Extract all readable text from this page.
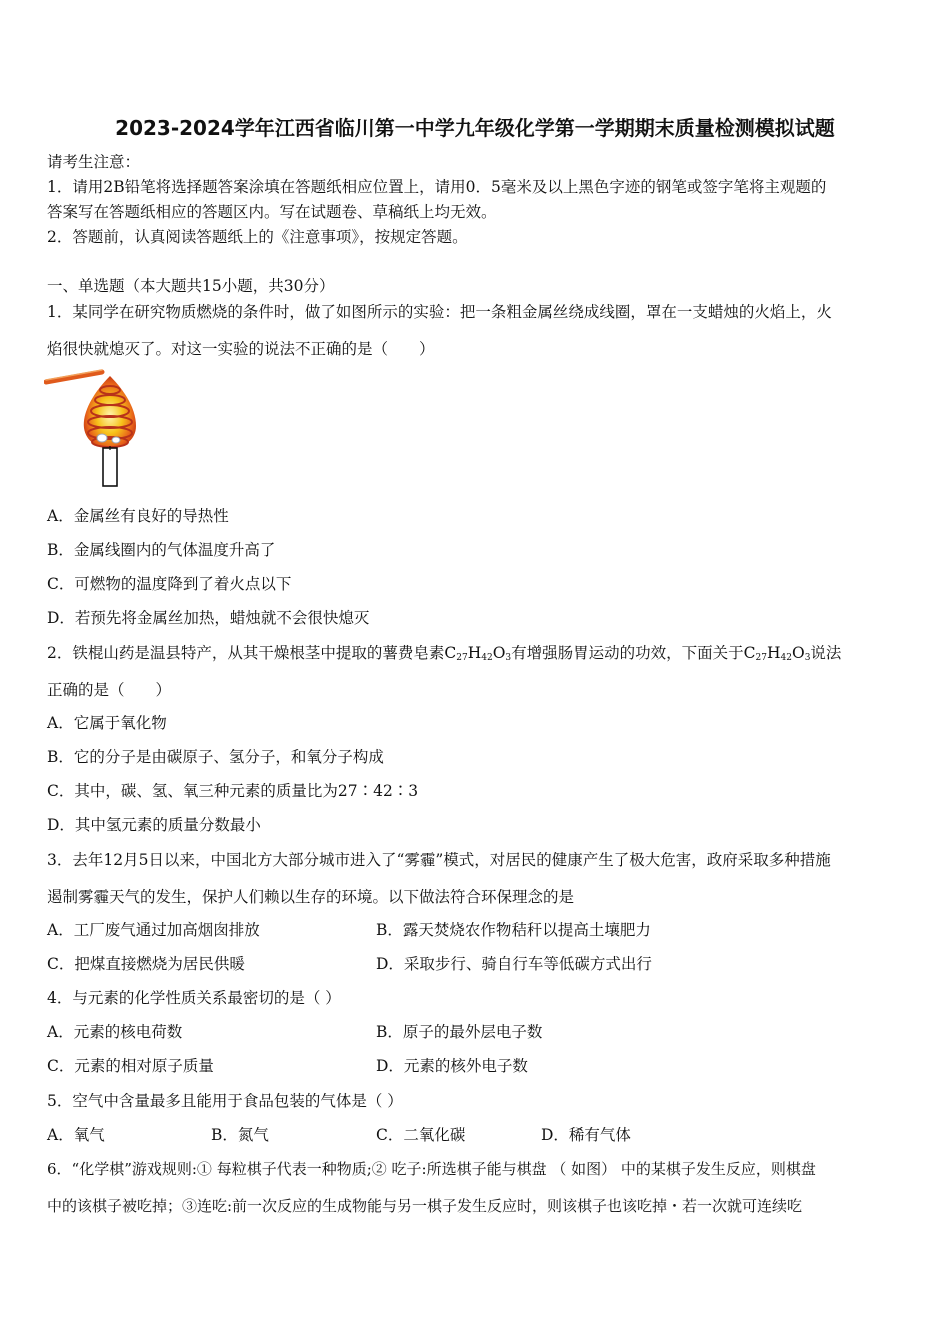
2023-2024学年江西省临川第一中学九年级化学第一学期期末质量检测模拟试题
请考生注意：
1．请用2B铅笔将选择题答案涂填在答题纸相应位置上，请用0．5毫米及以上黑色字迹的钢笔或签字笔将主观题的
答案写在答题纸相应的答题区内。写在试题卷、草稿纸上均无效。
2．答题前，认真阅读答题纸上的《注意事项》，按规定答题。
一、单选题（本大题共15小题，共30分）
1．某同学在研究物质燃烧的条件时，做了如图所示的实验：把一条粗金属丝绕成线圈，罩在一支蜡烛的火焰上，火
焰很快就熄灭了。对这一实验的说法不正确的是（　　）
A．金属丝有良好的导热性
B．金属线圈内的气体温度升高了
C．可燃物的温度降到了着火点以下
D．若预先将金属丝加热，蜡烛就不会很快熄灭
2．铁棍山药是温县特产，从其干燥根茎中提取的薯费皂素$C_{27}H_{42}O_3$有增强肠胃运动的功效，下面关于$C_{27}H_{42}O_3$说法
正确的是（　　）
A．它属于氧化物
B．它的分子是由碳原子、氢分子，和氧分子构成
C．其中，碳、氢、氧三种元素的质量比为27∶42∶3
D．其中氢元素的质量分数最小
3．去年12月5日以来，中国北方大部分城市进入了“雾霾”模式，对居民的健康产生了极大危害，政府采取多种措施
遏制雾霾天气的发生，保护人们赖以生存的环境。以下做法符合环保理念的是
A．工厂废气通过加高烟囱排放	B．露天焚烧农作物秸秆以提高土壤肥力
C．把煤直接燃烧为居民供暖	D．采取步行、骑自行车等低碳方式出行
4．与元素的化学性质关系最密切的是（ ）
A．元素的核电荷数	B．原子的最外层电子数
C．元素的相对原子质量	D．元素的核外电子数
5．空气中含量最多且能用于食品包装的气体是（ ）
A．氧气	B．氮气	C．二氧化碳	D．稀有气体
6．“化学棋”游戏规则:① 每粒棋子代表一种物质;② 吃子:所选棋子能与棋盘 （ 如图） 中的某棋子发生反应，则棋盘
中的该棋子被吃掉；③连吃:前一次反应的生成物能与另一棋子发生反应时，则该棋子也该吃掉・若一次就可连续吃
